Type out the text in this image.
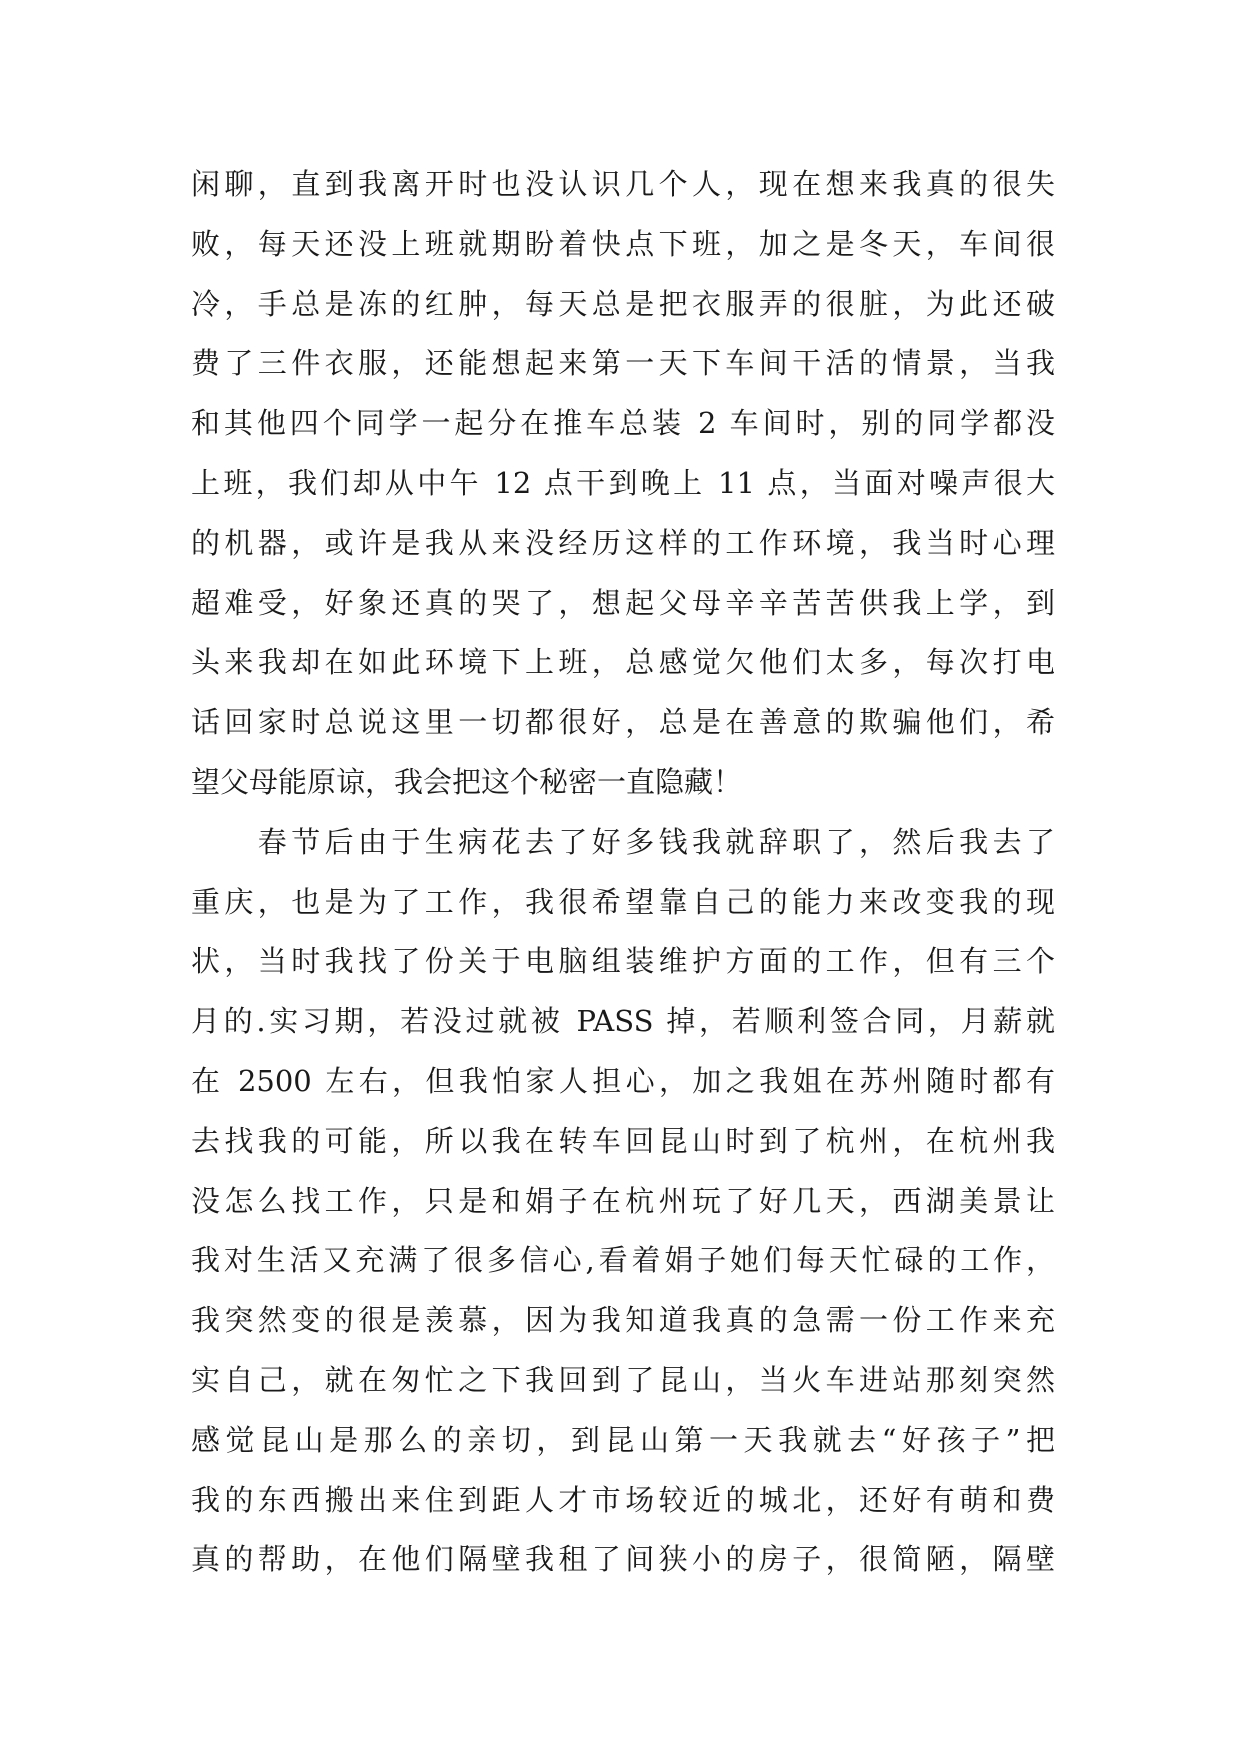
闲聊，直到我离开时也没认识几个人，现在想来我真的很失
败，每天还没上班就期盼着快点下班，加之是冬天，车间很
冷，手总是冻的红肿，每天总是把衣服弄的很脏，为此还破
费了三件衣服，还能想起来第一天下车间干活的情景，当我
和其他四个同学一起分在推车总装 2 车间时，别的同学都没
上班，我们却从中午 12 点干到晚上 11 点，当面对噪声很大
的机器，或许是我从来没经历这样的工作环境，我当时心理
超难受，好象还真的哭了，想起父母辛辛苦苦供我上学，到
头来我却在如此环境下上班，总感觉欠他们太多，每次打电
话回家时总说这里一切都很好，总是在善意的欺骗他们，希
望父母能原谅，我会把这个秘密一直隐藏！
　　春节后由于生病花去了好多钱我就辞职了，然后我去了
重庆，也是为了工作，我很希望靠自己的能力来改变我的现
状，当时我找了份关于电脑组装维护方面的工作，但有三个
月的.实习期，若没过就被 PASS 掉，若顺利签合同，月薪就
在 2500 左右，但我怕家人担心，加之我姐在苏州随时都有
去找我的可能，所以我在转车回昆山时到了杭州，在杭州我
没怎么找工作，只是和娟子在杭州玩了好几天，西湖美景让
我对生活又充满了很多信心,看着娟子她们每天忙碌的工作，
我突然变的很是羡慕，因为我知道我真的急需一份工作来充
实自己，就在匆忙之下我回到了昆山，当火车进站那刻突然
感觉昆山是那么的亲切，到昆山第一天我就去“好孩子”把
我的东西搬出来住到距人才市场较近的城北，还好有萌和费
真的帮助，在他们隔壁我租了间狭小的房子，很简陋，隔壁
